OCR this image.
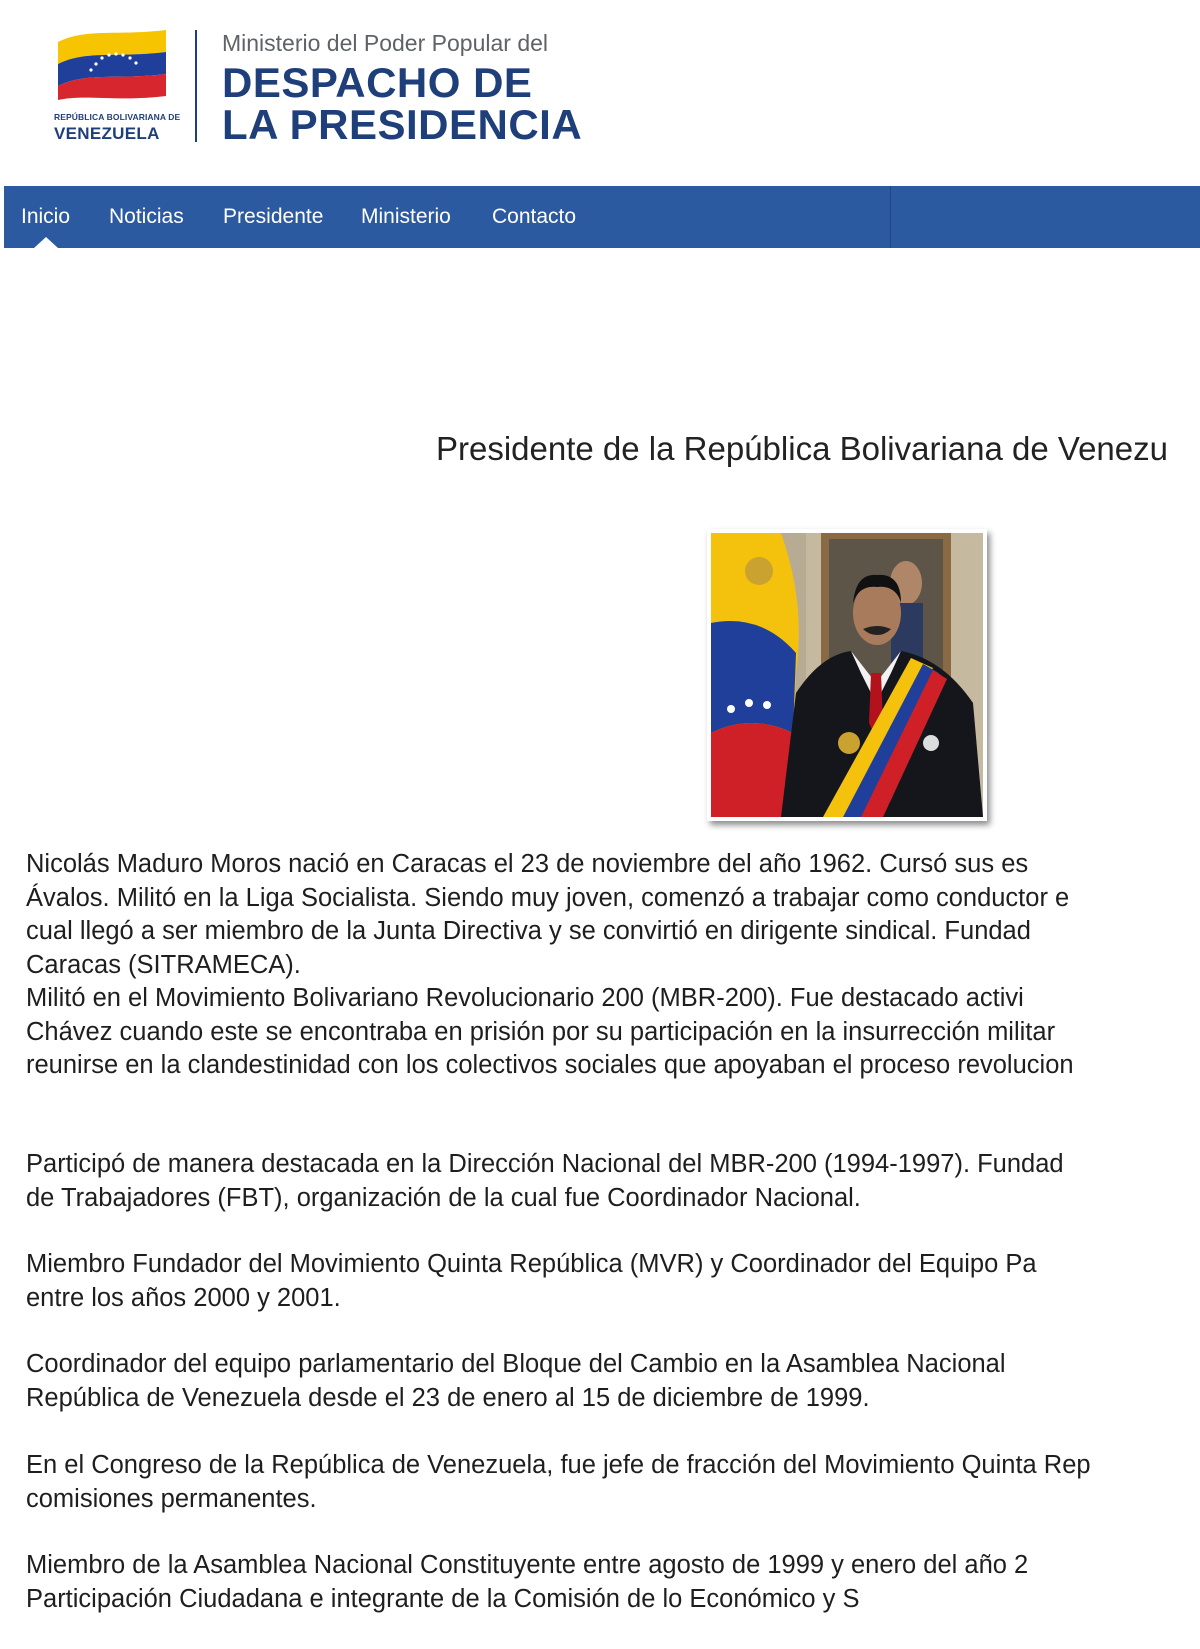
REPÚBLICA BOLIVARIANA DE
VENEZUELA
Ministerio del Poder Popular del
DESPACHO DE
LA PRESIDENCIA
Inicio Noticias Presidente Ministerio Contacto
Presidente de la República Bolivariana de Venezu
Nicolás Maduro Moros nació en Caracas el 23 de noviembre del año 1962. Cursó sus es
Ávalos. Militó en la Liga Socialista. Siendo muy joven, comenzó a trabajar como conductor e
cual llegó a ser miembro de la Junta Directiva y se convirtió en dirigente sindical. Fundad
Caracas (SITRAMECA).
Militó en el Movimiento Bolivariano Revolucionario 200 (MBR-200). Fue destacado activi
Chávez cuando este se encontraba en prisión por su participación en la insurrección militar
reunirse en la clandestinidad con los colectivos sociales que apoyaban el proceso revolucion
Participó de manera destacada en la Dirección Nacional del MBR-200 (1994-1997). Fundad
de Trabajadores (FBT), organización de la cual fue Coordinador Nacional.
Miembro Fundador del Movimiento Quinta República (MVR) y Coordinador del Equipo Pa
entre los años 2000 y 2001.
Coordinador del equipo parlamentario del Bloque del Cambio en la Asamblea Nacional
República de Venezuela desde el 23 de enero al 15 de diciembre de 1999.
En el Congreso de la República de Venezuela, fue jefe de fracción del Movimiento Quinta Rep
comisiones permanentes.
Miembro de la Asamblea Nacional Constituyente entre agosto de 1999 y enero del año 2
Participación Ciudadana e integrante de la Comisión de lo Económico y S
